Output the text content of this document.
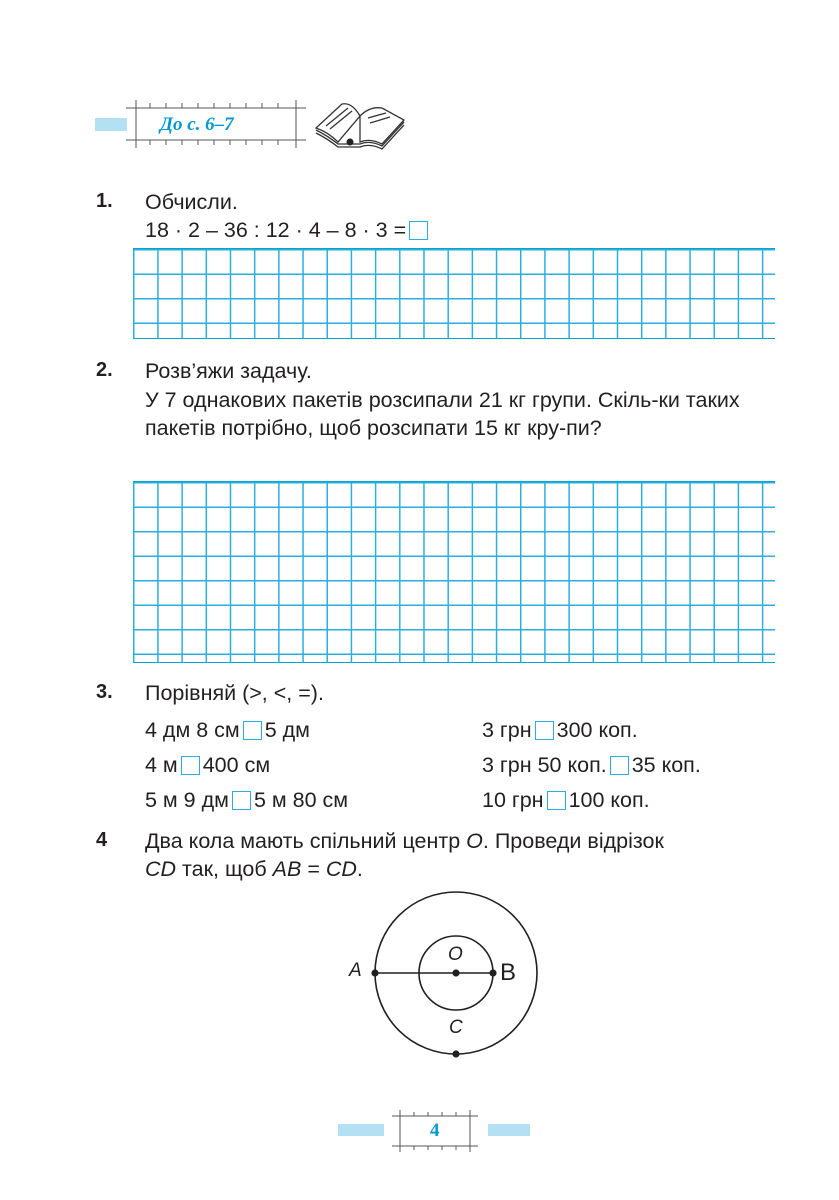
До с. 6–7
1. Обчисли.
18 · 2 – 36 : 12 · 4 – 8 · 3 =
2. Розв’яжи задачу.
У 7 однакових пакетів розсипали 21 кг групи. Скіль-ки таких пакетів потрібно, щоб розсипати 15 кг кру-пи?
3. Порівняй (>, <, =).
4 дм 8 см 5 дм	3 грн 300 коп.
4 м 400 см	3 грн 50 коп. 35 коп.
5 м 9 дм 5 м 80 см	10 грн 100 коп.
4 Два кола мають спільний центр O. Проведи відрізок
CD так, щоб AB = CD.
A
O
B
C
4
